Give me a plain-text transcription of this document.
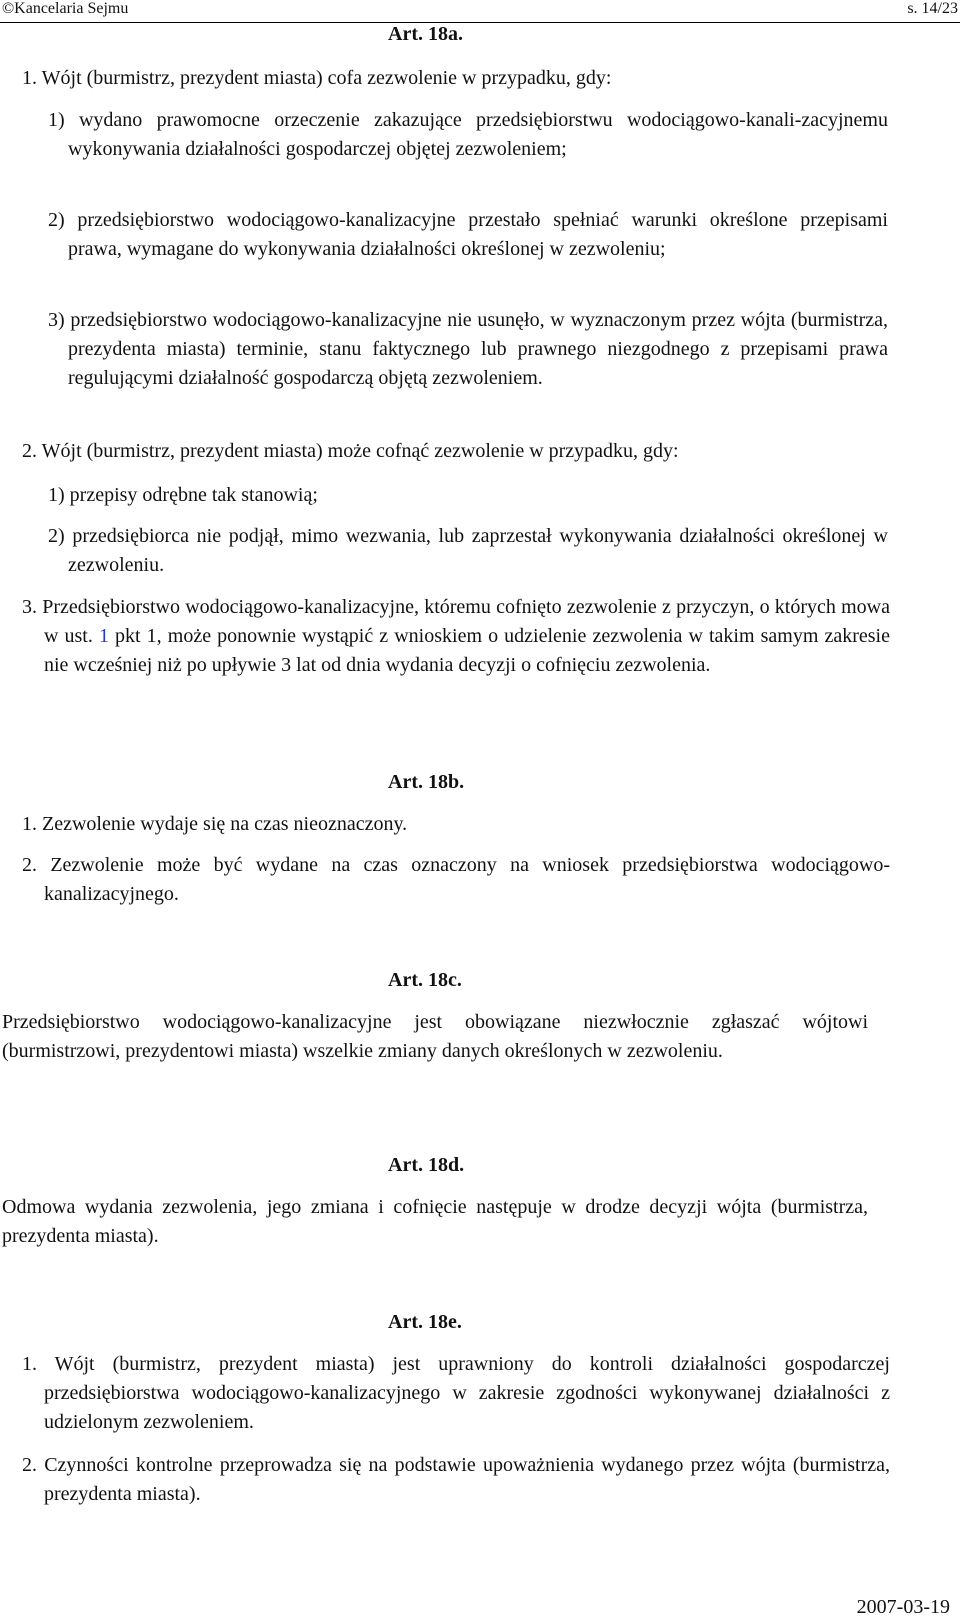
©Kancelaria Sejmu	s. 14/23
Art. 18a.
1. Wójt (burmistrz, prezydent miasta) cofa zezwolenie w przypadku, gdy:
1) wydano prawomocne orzeczenie zakazujące przedsiębiorstwu wodociągowo-kanali-zacyjnemu wykonywania działalności gospodarczej objętej zezwoleniem;
2) przedsiębiorstwo wodociągowo-kanalizacyjne przestało spełniać warunki określone przepisami prawa, wymagane do wykonywania działalności określonej w zezwoleniu;
3) przedsiębiorstwo wodociągowo-kanalizacyjne nie usunęło, w wyznaczonym przez wójta (burmistrza, prezydenta miasta) terminie, stanu faktycznego lub prawnego niezgodnego z przepisami prawa regulującymi działalność gospodarczą objętą zezwoleniem.
2. Wójt (burmistrz, prezydent miasta) może cofnąć zezwolenie w przypadku, gdy:
1) przepisy odrębne tak stanowią;
2) przedsiębiorca nie podjął, mimo wezwania, lub zaprzestał wykonywania działalności określonej w zezwoleniu.
3. Przedsiębiorstwo wodociągowo-kanalizacyjne, któremu cofnięto zezwolenie z przyczyn, o których mowa w ust. 1 pkt 1, może ponownie wystąpić z wnioskiem o udzielenie zezwolenia w takim samym zakresie nie wcześniej niż po upływie 3 lat od dnia wydania decyzji o cofnięciu zezwolenia.
Art. 18b.
1. Zezwolenie wydaje się na czas nieoznaczony.
2. Zezwolenie może być wydane na czas oznaczony na wniosek przedsiębiorstwa wodociągowo-kanalizacyjnego.
Art. 18c.
Przedsiębiorstwo wodociągowo-kanalizacyjne jest obowiązane niezwłocznie zgłaszać wójtowi (burmistrzowi, prezydentowi miasta) wszelkie zmiany danych określonych w zezwoleniu.
Art. 18d.
Odmowa wydania zezwolenia, jego zmiana i cofnięcie następuje w drodze decyzji wójta (burmistrza, prezydenta miasta).
Art. 18e.
1. Wójt (burmistrz, prezydent miasta) jest uprawniony do kontroli działalności gospodarczej przedsiębiorstwa wodociągowo-kanalizacyjnego w zakresie zgodności wykonywanej działalności z udzielonym zezwoleniem.
2. Czynności kontrolne przeprowadza się na podstawie upoważnienia wydanego przez wójta (burmistrza, prezydenta miasta).
2007-03-19
